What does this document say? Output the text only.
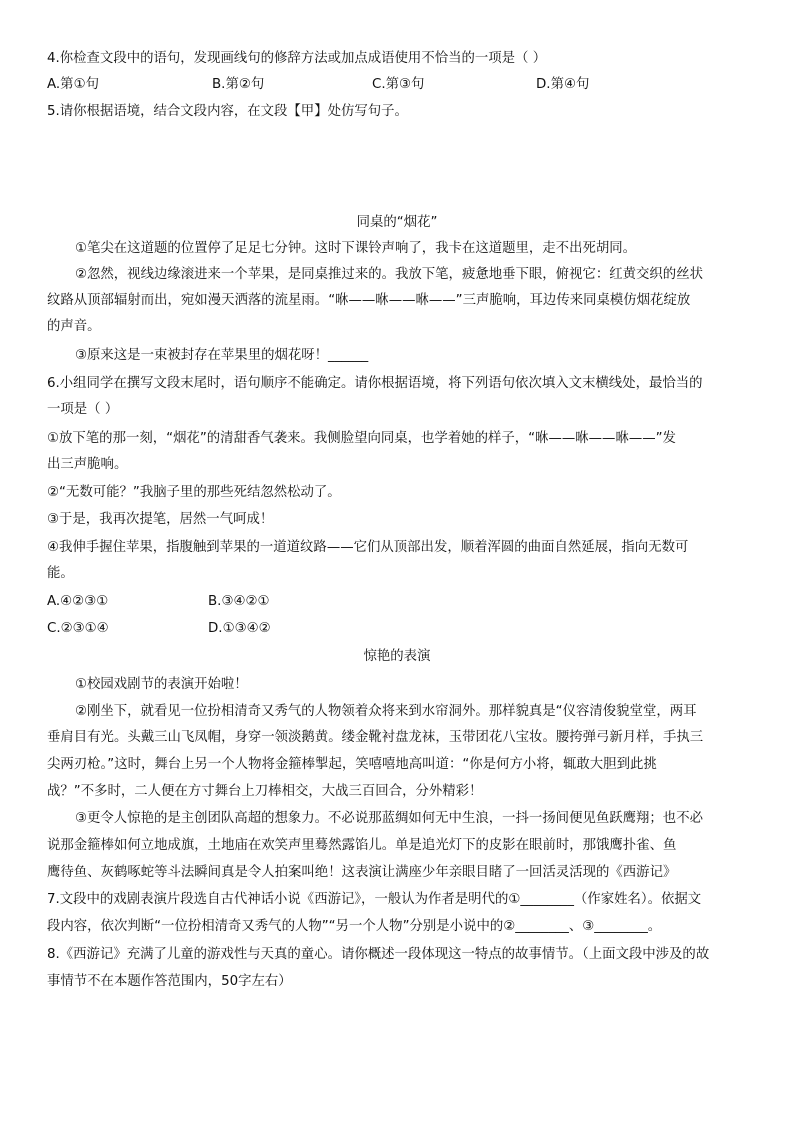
4.你检查文段中的语句，发现画线句的修辞方法或加点成语使用不恰当的一项是（ ）
A.第①句	B.第②句	C.第③句	D.第④句
5.请你根据语境，结合文段内容，在文段【甲】处仿写句子。
同桌的“烟花”
①笔尖在这道题的位置停了足足七分钟。这时下课铃声响了，我卡在这道题里，走不出死胡同。
②忽然，视线边缘滚进来一个苹果，是同桌推过来的。我放下笔，疲惫地垂下眼，俯视它：红黄交织的丝状
纹路从顶部辐射而出，宛如漫天洒落的流星雨。“咻——咻——咻——”三声脆响，耳边传来同桌模仿烟花绽放
的声音。
③原来这是一束被封存在苹果里的烟花呀！______
6.小组同学在撰写文段末尾时，语句顺序不能确定。请你根据语境，将下列语句依次填入文末横线处，最恰当的
一项是（ ）
①放下笔的那一刻，“烟花”的清甜香气袭来。我侧脸望向同桌，也学着她的样子，“咻——咻——咻——”发
出三声脆响。
②“无数可能？”我脑子里的那些死结忽然松动了。
③于是，我再次提笔，居然一气呵成！
④我伸手握住苹果，指腹触到苹果的一道道纹路——它们从顶部出发，顺着浑圆的曲面自然延展，指向无数可
能。
A.④②③①	B.③④②①
C.②③①④	D.①③④②
惊艳的表演
①校园戏剧节的表演开始啦！
②刚坐下，就看见一位扮相清奇又秀气的人物领着众将来到水帘洞外。那样貌真是“仪容清俊貌堂堂，两耳
垂肩目有光。头戴三山飞凤帽，身穿一领淡鹅黄。缕金靴衬盘龙袜，玉带团花八宝妆。腰挎弹弓新月样，手执三
尖两刃枪。”这时，舞台上另一个人物将金箍棒掣起，笑嘻嘻地高叫道：“你是何方小将，辄敢大胆到此挑
战？”不多时，二人便在方寸舞台上刀棒相交，大战三百回合，分外精彩！
③更令人惊艳的是主创团队高超的想象力。不必说那蓝绸如何无中生浪，一抖一扬间便见鱼跃鹰翔；也不必
说那金箍棒如何立地成旗，土地庙在欢笑声里蓦然露馅儿。单是追光灯下的皮影在眼前时，那饿鹰扑雀、鱼
鹰待鱼、灰鹤啄蛇等斗法瞬间真是令人拍案叫绝！这表演让满座少年亲眼目睹了一回活灵活现的《西游记》
7.文段中的戏剧表演片段选自古代神话小说《西游记》，一般认为作者是明代的①________（作家姓名）。依据文
段内容，依次判断“一位扮相清奇又秀气的人物”“另一个人物”分别是小说中的②________、③________。
8.《西游记》充满了儿童的游戏性与天真的童心。请你概述一段体现这一特点的故事情节。（上面文段中涉及的故
事情节不在本题作答范围内，50字左右）
